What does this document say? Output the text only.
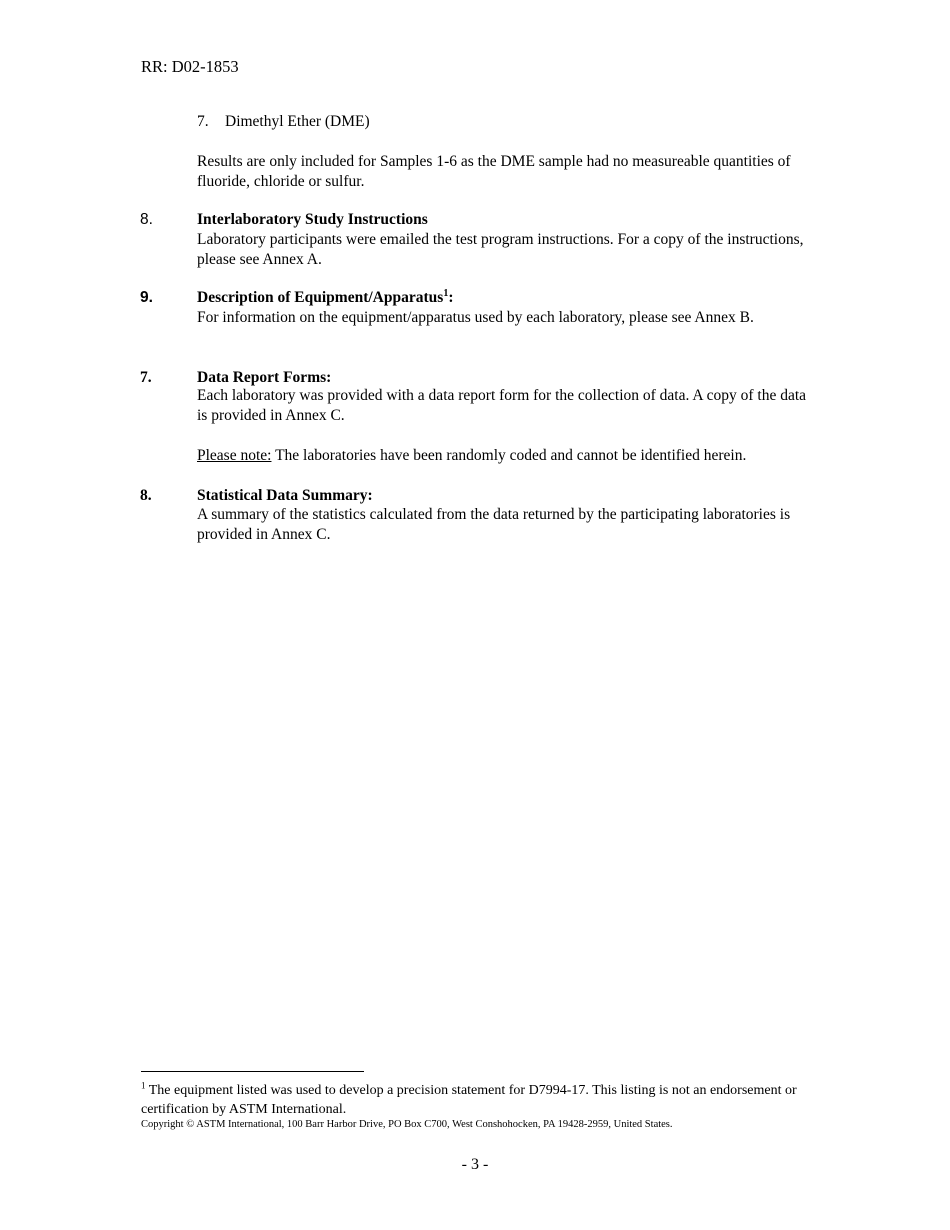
RR: D02-1853
7. Dimethyl Ether (DME)
Results are only included for Samples 1-6 as the DME sample had no measureable quantities of fluoride, chloride or sulfur.
8.	Interlaboratory Study Instructions
Laboratory participants were emailed the test program instructions. For a copy of the instructions, please see Annex A.
9.	Description of Equipment/Apparatus$^1$:
For information on the equipment/apparatus used by each laboratory, please see Annex B.
7.	Data Report Forms:
Each laboratory was provided with a data report form for the collection of data. A copy of the data is provided in Annex C.
Please note: The laboratories have been randomly coded and cannot be identified herein.
8.	Statistical Data Summary:
A summary of the statistics calculated from the data returned by the participating laboratories is provided in Annex C.
$^1$ The equipment listed was used to develop a precision statement for D7994-17. This listing is not an endorsement or certification by ASTM International.
Copyright © ASTM International, 100 Barr Harbor Drive, PO Box C700, West Conshohocken, PA 19428-2959, United States.
- 3 -
